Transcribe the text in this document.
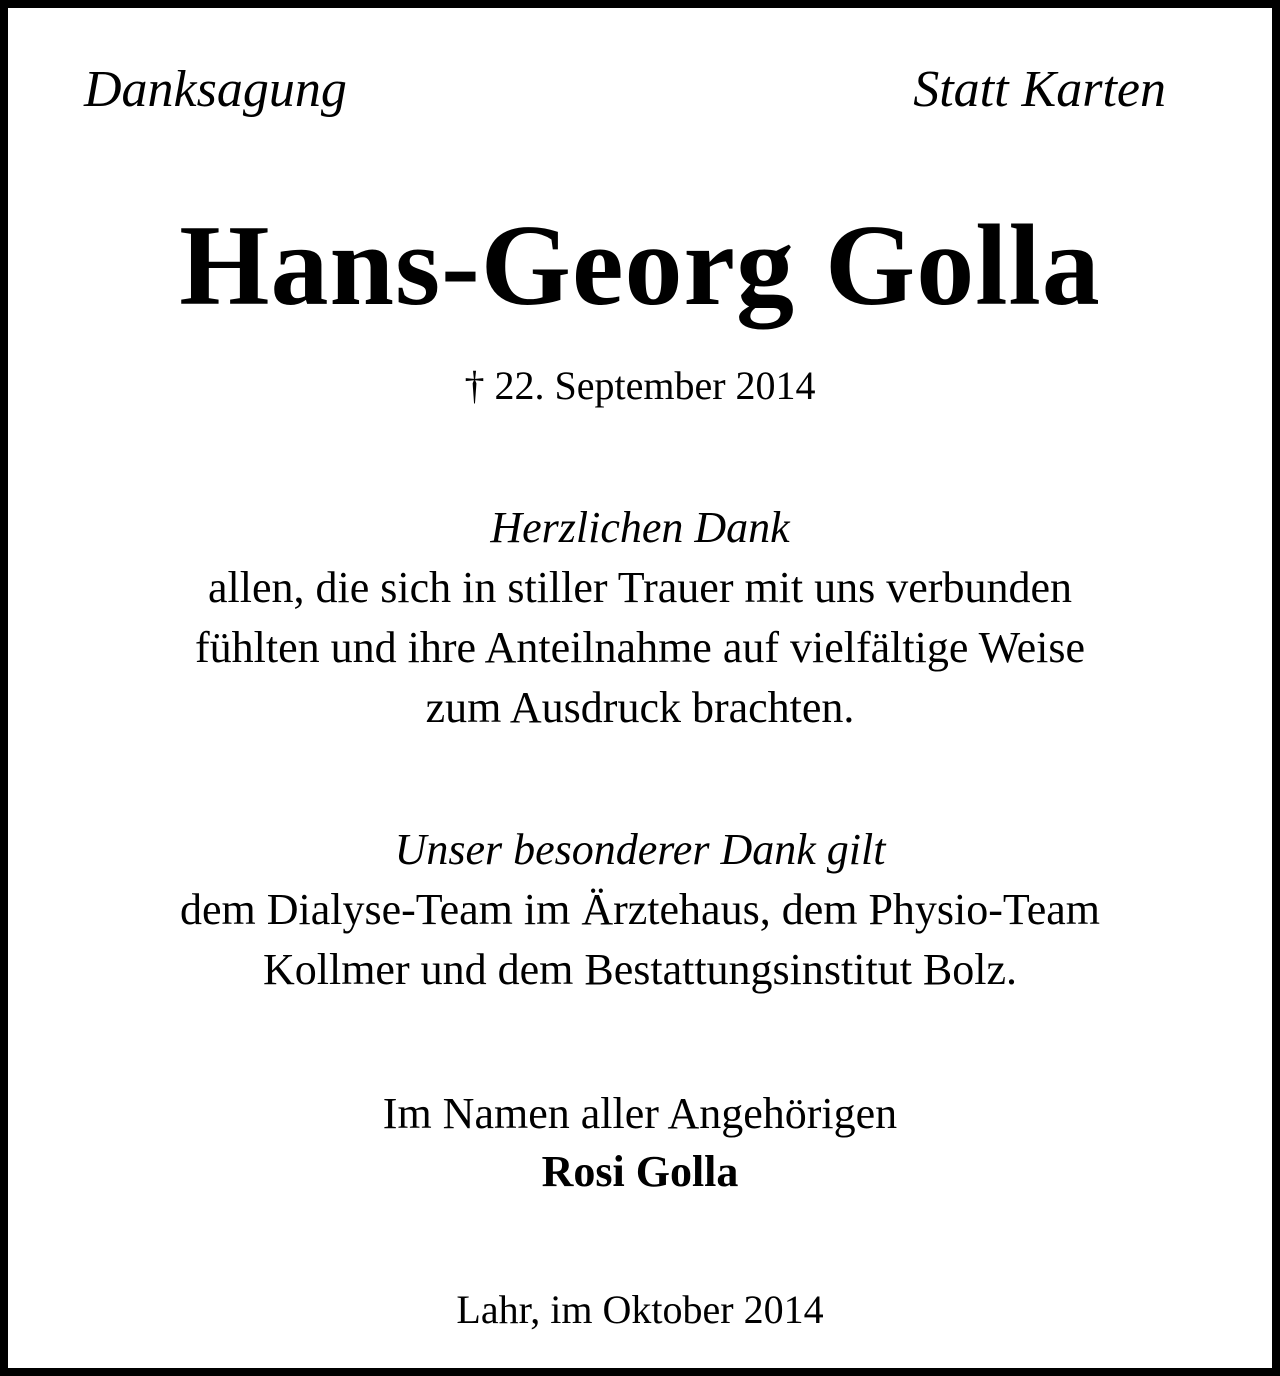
Danksagung	Statt Karten
Hans-Georg Golla
† 22. September 2014
Herzlichen Dank
allen, die sich in stiller Trauer mit uns verbunden
fühlten und ihre Anteilnahme auf vielfältige Weise
zum Ausdruck brachten.
Unser besonderer Dank gilt
dem Dialyse-Team im Ärztehaus, dem Physio-Team
Kollmer und dem Bestattungsinstitut Bolz.
Im Namen aller Angehörigen
Rosi Golla
Lahr, im Oktober 2014
